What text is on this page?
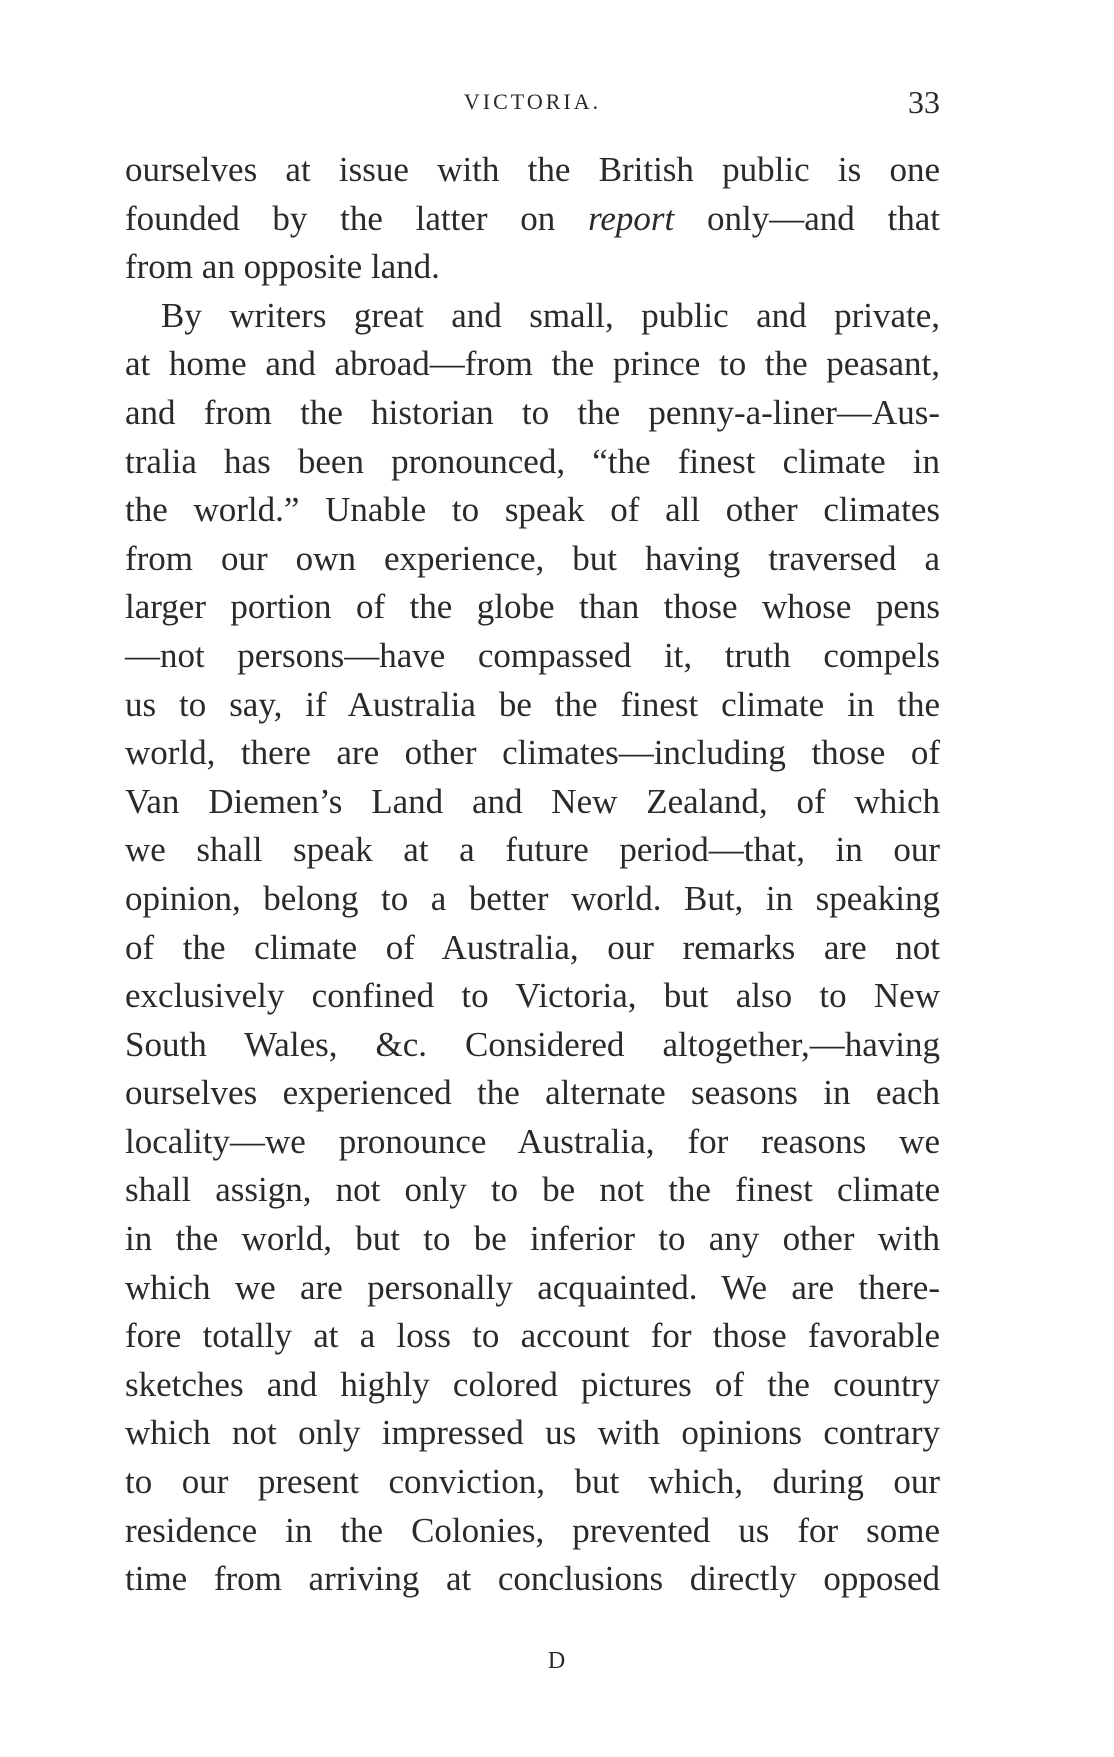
VICTORIA.	33
ourselves at issue with the British public is one
founded by the latter on report only—and that
from an opposite land.
By writers great and small, public and private,
at home and abroad—from the prince to the peasant,
and from the historian to the penny-a-liner—Aus-
tralia has been pronounced, “the finest climate in
the world.” Unable to speak of all other climates
from our own experience, but having traversed a
larger portion of the globe than those whose pens
—not persons—have compassed it, truth compels
us to say, if Australia be the finest climate in the
world, there are other climates—including those of
Van Diemen’s Land and New Zealand, of which
we shall speak at a future period—that, in our
opinion, belong to a better world. But, in speaking
of the climate of Australia, our remarks are not
exclusively confined to Victoria, but also to New
South Wales, &c. Considered altogether,—having
ourselves experienced the alternate seasons in each
locality—we pronounce Australia, for reasons we
shall assign, not only to be not the finest climate
in the world, but to be inferior to any other with
which we are personally acquainted. We are there-
fore totally at a loss to account for those favorable
sketches and highly colored pictures of the country
which not only impressed us with opinions contrary
to our present conviction, but which, during our
residence in the Colonies, prevented us for some
time from arriving at conclusions directly opposed
D
